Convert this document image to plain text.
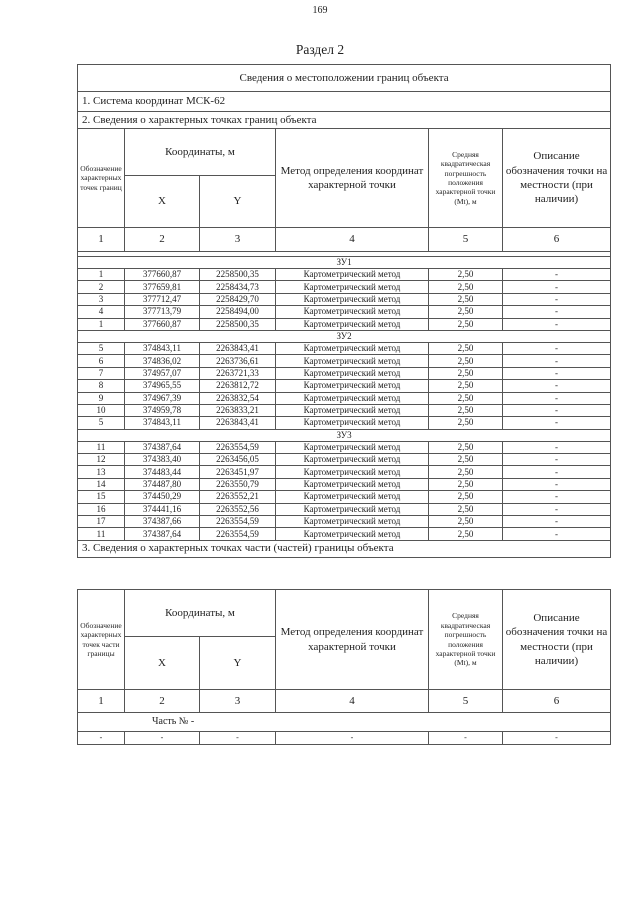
169
Раздел 2
Сведения о местоположении границ объекта					
1. Система координат МСК-62					
2. Сведения о характерных точках границ объекта					
Обозначение характерных точек границ	Координаты, м		Метод определения координат характерной точки	Средняя квадратическая погрешность положения характерной точки (Mt), м	Описание обозначения точки на местности (при наличии)
	X	Y			
1	2	3	4	5	6

ЗУ1					
1	377660,87	2258500,35	Картометрический метод	2,50	-
2	377659,81	2258434,73	Картометрический метод	2,50	-
3	377712,47	2258429,70	Картометрический метод	2,50	-
4	377713,79	2258494,00	Картометрический метод	2,50	-
1	377660,87	2258500,35	Картометрический метод	2,50	-
ЗУ2					
5	374843,11	2263843,41	Картометрический метод	2,50	-
6	374836,02	2263736,61	Картометрический метод	2,50	-
7	374957,07	2263721,33	Картометрический метод	2,50	-
8	374965,55	2263812,72	Картометрический метод	2,50	-
9	374967,39	2263832,54	Картометрический метод	2,50	-
10	374959,78	2263833,21	Картометрический метод	2,50	-
5	374843,11	2263843,41	Картометрический метод	2,50	-
ЗУ3					
11	374387,64	2263554,59	Картометрический метод	2,50	-
12	374383,40	2263456,05	Картометрический метод	2,50	-
13	374483,44	2263451,97	Картометрический метод	2,50	-
14	374487,80	2263550,79	Картометрический метод	2,50	-
15	374450,29	2263552,21	Картометрический метод	2,50	-
16	374441,16	2263552,56	Картометрический метод	2,50	-
17	374387,66	2263554,59	Картометрический метод	2,50	-
11	374387,64	2263554,59	Картометрический метод	2,50	-
3. Сведения о характерных точках части (частей) границы объекта					
Обозначение характерных точек части границы	Координаты, м		Метод определения координат характерной точки	Средняя квадратическая погрешность положения характерной точки (Mt), м	Описание обозначения точки на местности (при наличии)
	X	Y			
1	2	3	4	5	6
Часть № -					
-	-	-	-	-	-
